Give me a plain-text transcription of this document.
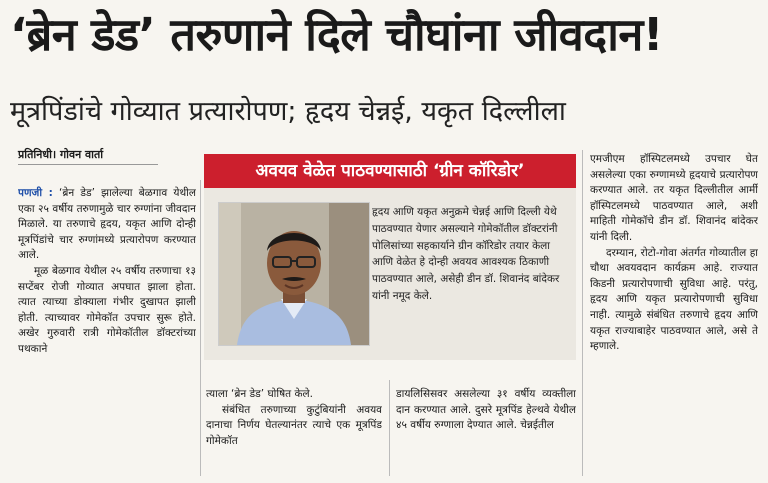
‘ब्रेन डेड’ तरुणाने दिले चौघांना जीवदान!
मूत्रपिंडांचे गोव्यात प्रत्यारोपण; हृदय चेन्नई, यकृत दिल्लीला
प्रतिनिधी। गोवन वार्ता

पणजी : ‘ब्रेन डेड’ झालेल्या बेळगाव येथील एका २५ वर्षीय तरुणामुळे चार रुग्णांना जीवदान मिळाले. या तरुणाचे हृदय, यकृत आणि दोन्ही मूत्रपिंडांचे चार रुग्णांमध्ये प्रत्यारोपण करण्यात आले.

मूळ बेळगाव येथील २५ वर्षीय तरुणाचा १३ सप्टेंबर रोजी गोव्यात अपघात झाला होता. त्यात त्याच्या डोक्याला गंभीर दुखापत झाली होती. त्याच्यावर गोमेकॉत उपचार सुरू होते. अखेर गुरुवारी रात्री गोमेकॉतील डॉक्टरांच्या पथकाने

अवयव वेळेत पाठवण्यासाठी ‘ग्रीन कॉरिडोर’
हृदय आणि यकृत अनुक्रमे चेन्नई आणि दिल्ली येथे पाठवण्यात येणार असल्याने गोमेकॉतील डॉक्टरांनी पोलिसांच्या सहकार्याने ग्रीन कॉरिडोर तयार केला आणि वेळेत हे दोन्ही अवयव आवश्यक ठिकाणी पाठवण्यात आले, असेही डीन डॉ. शिवानंद बांदेकर यांनी नमूद केले.

त्याला ‘ब्रेन डेड’ घोषित केले.

संबंधित तरुणाच्या कुटुंबियांनी अवयव दानाचा निर्णय घेतल्यानंतर त्याचे एक मूत्रपिंड गोमेकॉत

डायलिसिसवर असलेल्या ३१ वर्षीय व्यक्तीला दान करण्यात आले. दुसरे मूत्रपिंड हेल्थवे येथील ४५ वर्षीय रुग्णाला देण्यात आले. चेन्नईतील

एमजीएम हॉस्पिटलमध्ये उपचार घेत असलेल्या एका रुग्णामध्ये हृदयाचे प्रत्यारोपण करण्यात आले. तर यकृत दिल्लीतील आर्मी हॉस्पिटलमध्ये पाठवण्यात आले, अशी माहिती गोमेकॉचे डीन डॉ. शिवानंद बांदेकर यांनी दिली.

दरम्यान, रोटो-गोवा अंतर्गत गोव्यातील हा चौथा अवयवदान कार्यक्रम आहे. राज्यात किडनी प्रत्यारोपणाची सुविधा आहे. परंतु, हृदय आणि यकृत प्रत्यारोपणाची सुविधा नाही. त्यामुळे संबंधित तरुणाचे हृदय आणि यकृत राज्याबाहेर पाठवण्यात आले, असे ते म्हणाले.
